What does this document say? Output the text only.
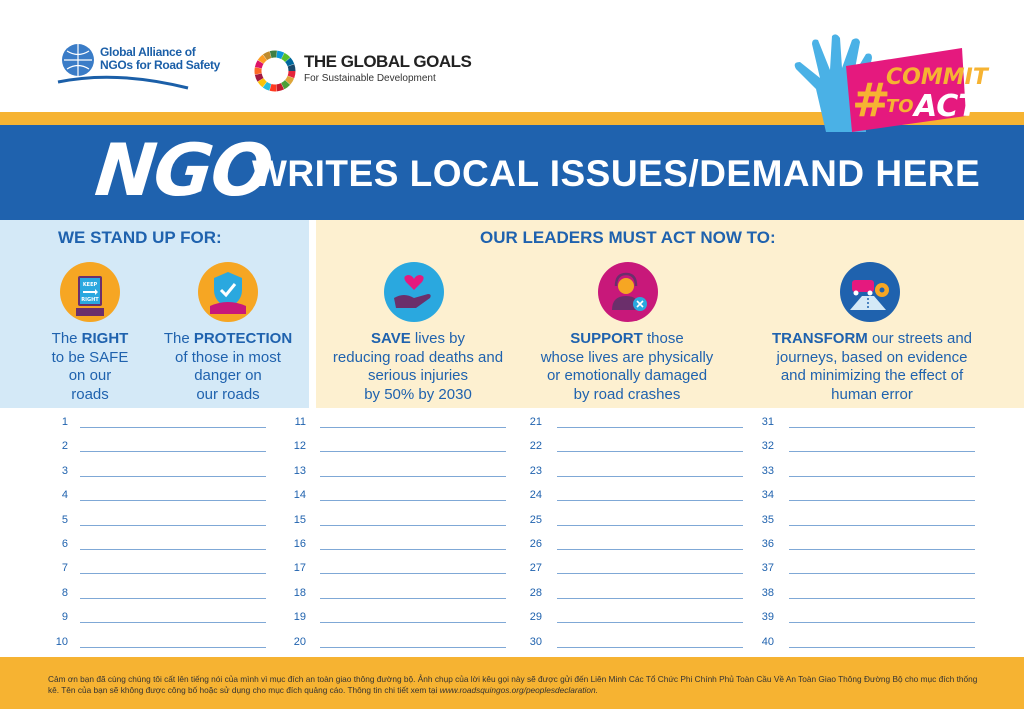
Global Alliance of
NGOs for Road Safety	THE GLOBAL GOALS
For Sustainable Development	#
COMMIT
TO ACT
NGO
WRITES LOCAL ISSUES/DEMAND HERE
WE STAND UP FOR:	OUR LEADERS MUST ACT NOW TO:
KEEP
RIGHT
The RIGHT
to be SAFE
on our
roads
The PROTECTION
of those in most
danger on
our roads
SAVE lives by
reducing road deaths and
serious injuries
by 50% by 2030
SUPPORT those
whose lives are physically
or emotionally damaged
by road crashes
TRANSFORM our streets and
journeys, based on evidence
and minimizing the effect of
human error
1
2
3
4
5
6
7
8
9
10
11
12
13
14
15
16
17
18
19
20
21
22
23
24
25
26
27
28
29
30
31
32
33
34
35
36
37
38
39
40
Cảm ơn bạn đã cùng chúng tôi cất lên tiếng nói của mình vì mục đích an toàn giao thông đường bộ. Ảnh chụp của lời kêu gọi này sẽ được gửi đến Liên Minh Các Tổ Chức Phi Chính Phủ Toàn Cầu Về An Toàn Giao Thông Đường Bộ cho mục đích thống kê. Tên của bạn sẽ không được công bố hoặc sử dụng cho mục đích quảng cáo. Thông tin chi tiết xem tại www.roadsquingos.org/peoplesdeclaration.
